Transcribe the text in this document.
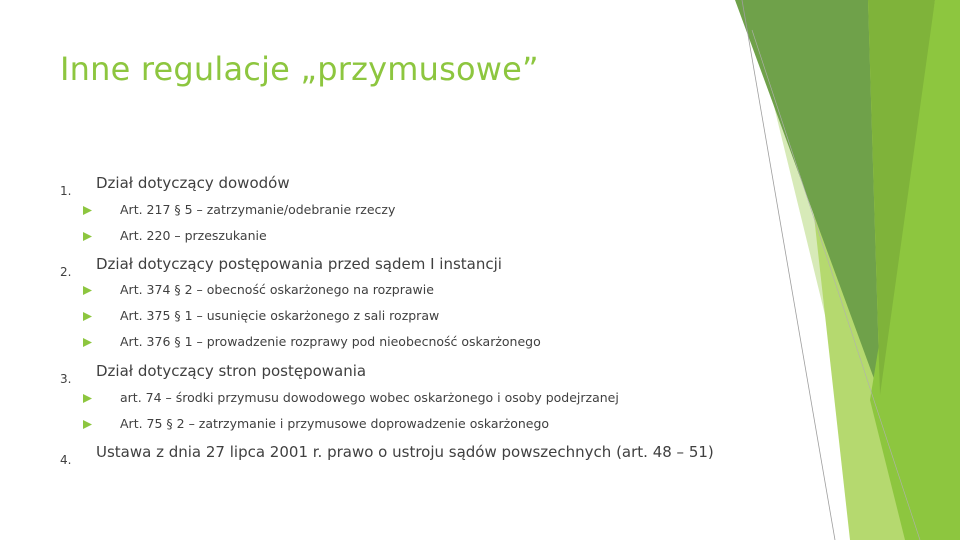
Inne regulacje „przymusowe”
1. Dział dotyczący dowodów
Art. 217 § 5 – zatrzymanie/odebranie rzeczy
Art. 220 – przeszukanie
2. Dział dotyczący postępowania przed sądem I instancji
Art. 374 § 2 – obecność oskarżonego na rozprawie
Art. 375 § 1 – usunięcie oskarżonego z sali rozpraw
Art. 376 § 1 – prowadzenie rozprawy pod nieobecność oskarżonego
3. Dział dotyczący stron postępowania
art. 74 – środki przymusu dowodowego wobec oskarżonego i osoby podejrzanej
Art. 75 § 2 – zatrzymanie i przymusowe doprowadzenie oskarżonego
4. Ustawa z dnia 27 lipca 2001 r. prawo o ustroju sądów powszechnych (art. 48 – 51)
